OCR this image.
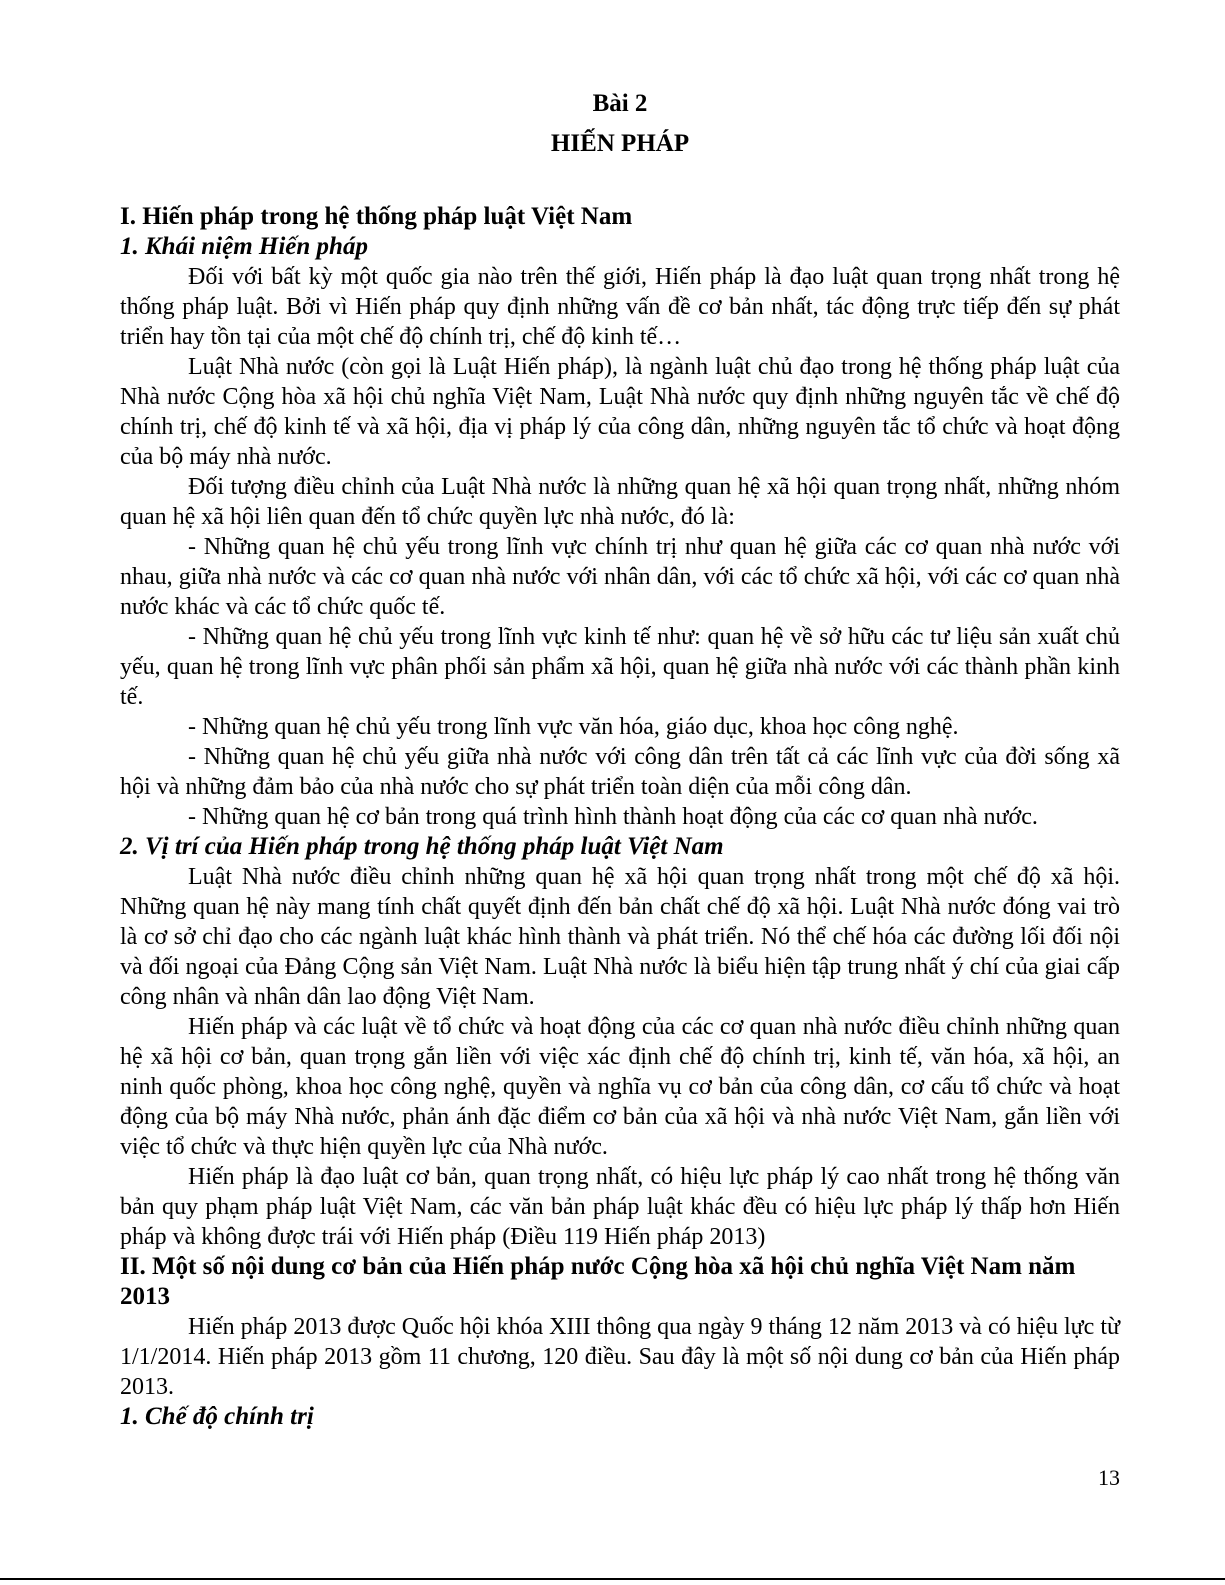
Bài 2

HIẾN PHÁP

I. Hiến pháp trong hệ thống pháp luật Việt Nam

1. Khái niệm Hiến pháp

Đối với bất kỳ một quốc gia nào trên thế giới, Hiến pháp là đạo luật quan trọng nhất trong hệ thống pháp luật. Bởi vì Hiến pháp quy định những vấn đề cơ bản nhất, tác động trực tiếp đến sự phát triển hay tồn tại của một chế độ chính trị, chế độ kinh tế…

Luật Nhà nước (còn gọi là Luật Hiến pháp), là ngành luật chủ đạo trong hệ thống pháp luật của Nhà nước Cộng hòa xã hội chủ nghĩa Việt Nam, Luật Nhà nước quy định những nguyên tắc về chế độ chính trị, chế độ kinh tế và xã hội, địa vị pháp lý của công dân, những nguyên tắc tổ chức và hoạt động của bộ máy nhà nước.

Đối tượng điều chỉnh của Luật Nhà nước là những quan hệ xã hội quan trọng nhất, những nhóm quan hệ xã hội liên quan đến tổ chức quyền lực nhà nước, đó là:

- Những quan hệ chủ yếu trong lĩnh vực chính trị như quan hệ giữa các cơ quan nhà nước với nhau, giữa nhà nước và các cơ quan nhà nước với nhân dân, với các tổ chức xã hội, với các cơ quan nhà nước khác và các tổ chức quốc tế.

- Những quan hệ chủ yếu trong lĩnh vực kinh tế như: quan hệ về sở hữu các tư liệu sản xuất chủ yếu, quan hệ trong lĩnh vực phân phối sản phẩm xã hội, quan hệ giữa nhà nước với các thành phần kinh tế.

- Những quan hệ chủ yếu trong lĩnh vực văn hóa, giáo dục, khoa học công nghệ.

- Những quan hệ chủ yếu giữa nhà nước với công dân trên tất cả các lĩnh vực của đời sống xã hội và những đảm bảo của nhà nước cho sự phát triển toàn diện của mỗi công dân.

- Những quan hệ cơ bản trong quá trình hình thành hoạt động của các cơ quan nhà nước.

2. Vị trí của Hiến pháp trong hệ thống pháp luật Việt Nam

Luật Nhà nước điều chỉnh những quan hệ xã hội quan trọng nhất trong một chế độ xã hội. Những quan hệ này mang tính chất quyết định đến bản chất chế độ xã hội. Luật Nhà nước đóng vai trò là cơ sở chỉ đạo cho các ngành luật khác hình thành và phát triển. Nó thể chế hóa các đường lối đối nội và đối ngoại của Đảng Cộng sản Việt Nam. Luật Nhà nước là biểu hiện tập trung nhất ý chí của giai cấp công nhân và nhân dân lao động Việt Nam.

Hiến pháp và các luật về tổ chức và hoạt động của các cơ quan nhà nước điều chỉnh những quan hệ xã hội cơ bản, quan trọng gắn liền với việc xác định chế độ chính trị, kinh tế, văn hóa, xã hội, an ninh quốc phòng, khoa học công nghệ, quyền và nghĩa vụ cơ bản của công dân, cơ cấu tổ chức và hoạt động của bộ máy Nhà nước, phản ánh đặc điểm cơ bản của xã hội và nhà nước Việt Nam, gắn liền với việc tổ chức và thực hiện quyền lực của Nhà nước.

Hiến pháp là đạo luật cơ bản, quan trọng nhất, có hiệu lực pháp lý cao nhất trong hệ thống văn bản quy phạm pháp luật Việt Nam, các văn bản pháp luật khác đều có hiệu lực pháp lý thấp hơn Hiến pháp và không được trái với Hiến pháp (Điều 119 Hiến pháp 2013)

II. Một số nội dung cơ bản của Hiến pháp nước Cộng hòa xã hội chủ nghĩa Việt Nam năm 2013

Hiến pháp 2013 được Quốc hội khóa XIII thông qua ngày 9 tháng 12 năm 2013 và có hiệu lực từ 1/1/2014. Hiến pháp 2013 gồm 11 chương, 120 điều. Sau đây là một số nội dung cơ bản của Hiến pháp 2013.

1. Chế độ chính trị

13
